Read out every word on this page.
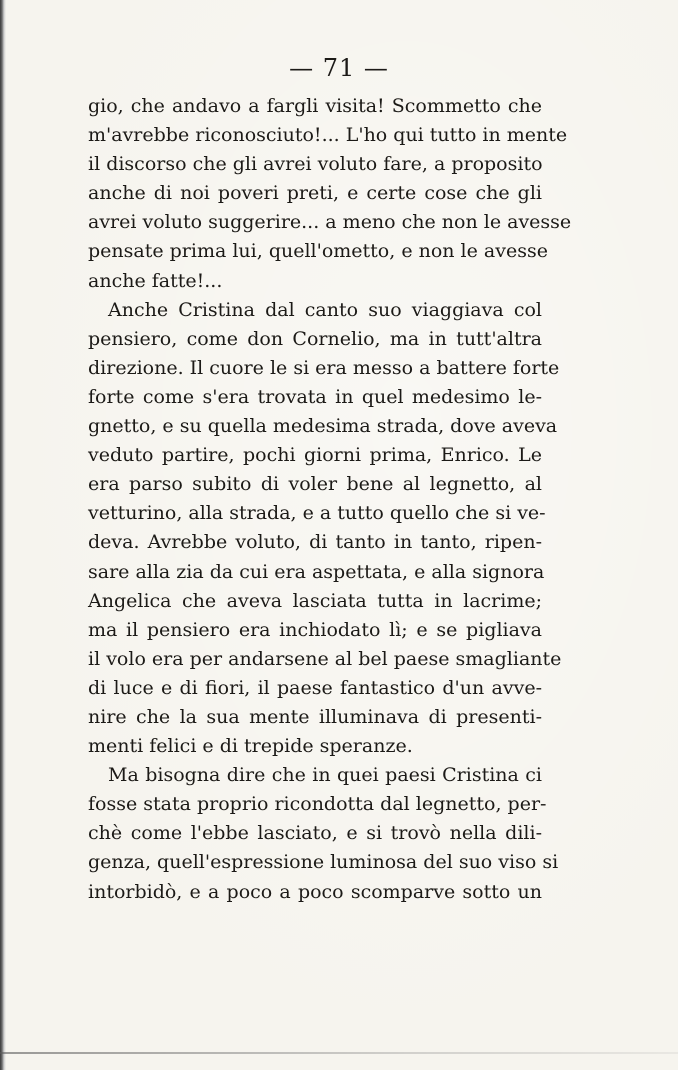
— 71 —
gio, che andavo a fargli visita! Scommetto che
m'avrebbe riconosciuto!... L'ho qui tutto in mente
il discorso che gli avrei voluto fare, a proposito
anche di noi poveri preti, e certe cose che gli
avrei voluto suggerire... a meno che non le avesse
pensate prima lui, quell'ometto, e non le avesse
anche fatte!...
Anche Cristina dal canto suo viaggiava col
pensiero, come don Cornelio, ma in tutt'altra
direzione. Il cuore le si era messo a battere forte
forte come s'era trovata in quel medesimo le-
gnetto, e su quella medesima strada, dove aveva
veduto partire, pochi giorni prima, Enrico. Le
era parso subito di voler bene al legnetto, al
vetturino, alla strada, e a tutto quello che si ve-
deva. Avrebbe voluto, di tanto in tanto, ripen-
sare alla zia da cui era aspettata, e alla signora
Angelica che aveva lasciata tutta in lacrime;
ma il pensiero era inchiodato lì; e se pigliava
il volo era per andarsene al bel paese smagliante
di luce e di fiori, il paese fantastico d'un avve-
nire che la sua mente illuminava di presenti-
menti felici e di trepide speranze.
Ma bisogna dire che in quei paesi Cristina ci
fosse stata proprio ricondotta dal legnetto, per-
chè come l'ebbe lasciato, e si trovò nella dili-
genza, quell'espressione luminosa del suo viso si
intorbidò, e a poco a poco scomparve sotto un
